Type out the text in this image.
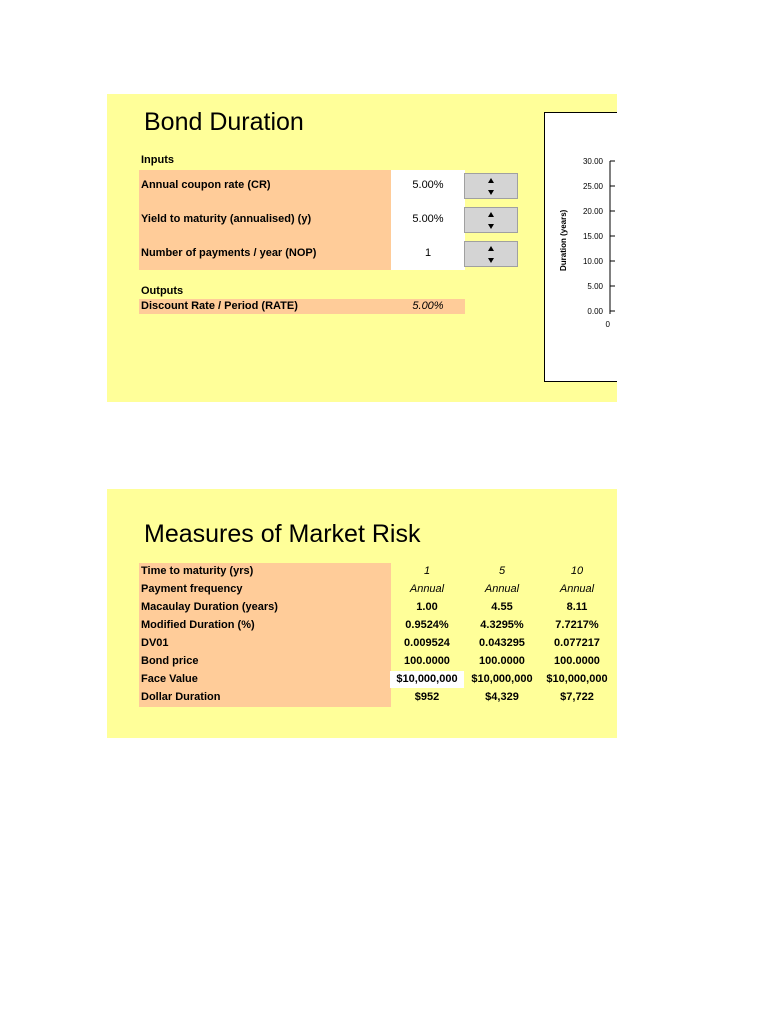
Bond Duration
Inputs
Annual coupon rate (CR)	5.00%
Yield to maturity (annualised) (y)	5.00%
Number of payments / year (NOP)	1
Outputs
Discount Rate / Period (RATE)	5.00%
Duration (years)
30.00
25.00
20.00
15.00
10.00
5.00
0.00
0
Measures of Market Risk
Time to maturity (yrs)	1	5	10
Payment frequency	Annual	Annual	Annual
Macaulay Duration (years)	1.00	4.55	8.11
Modified Duration (%)	0.9524%	4.3295%	7.7217%
DV01	0.009524	0.043295	0.077217
Bond price	100.0000	100.0000	100.0000
Face Value	$10,000,000	$10,000,000	$10,000,000
Dollar Duration	$952	$4,329	$7,722
